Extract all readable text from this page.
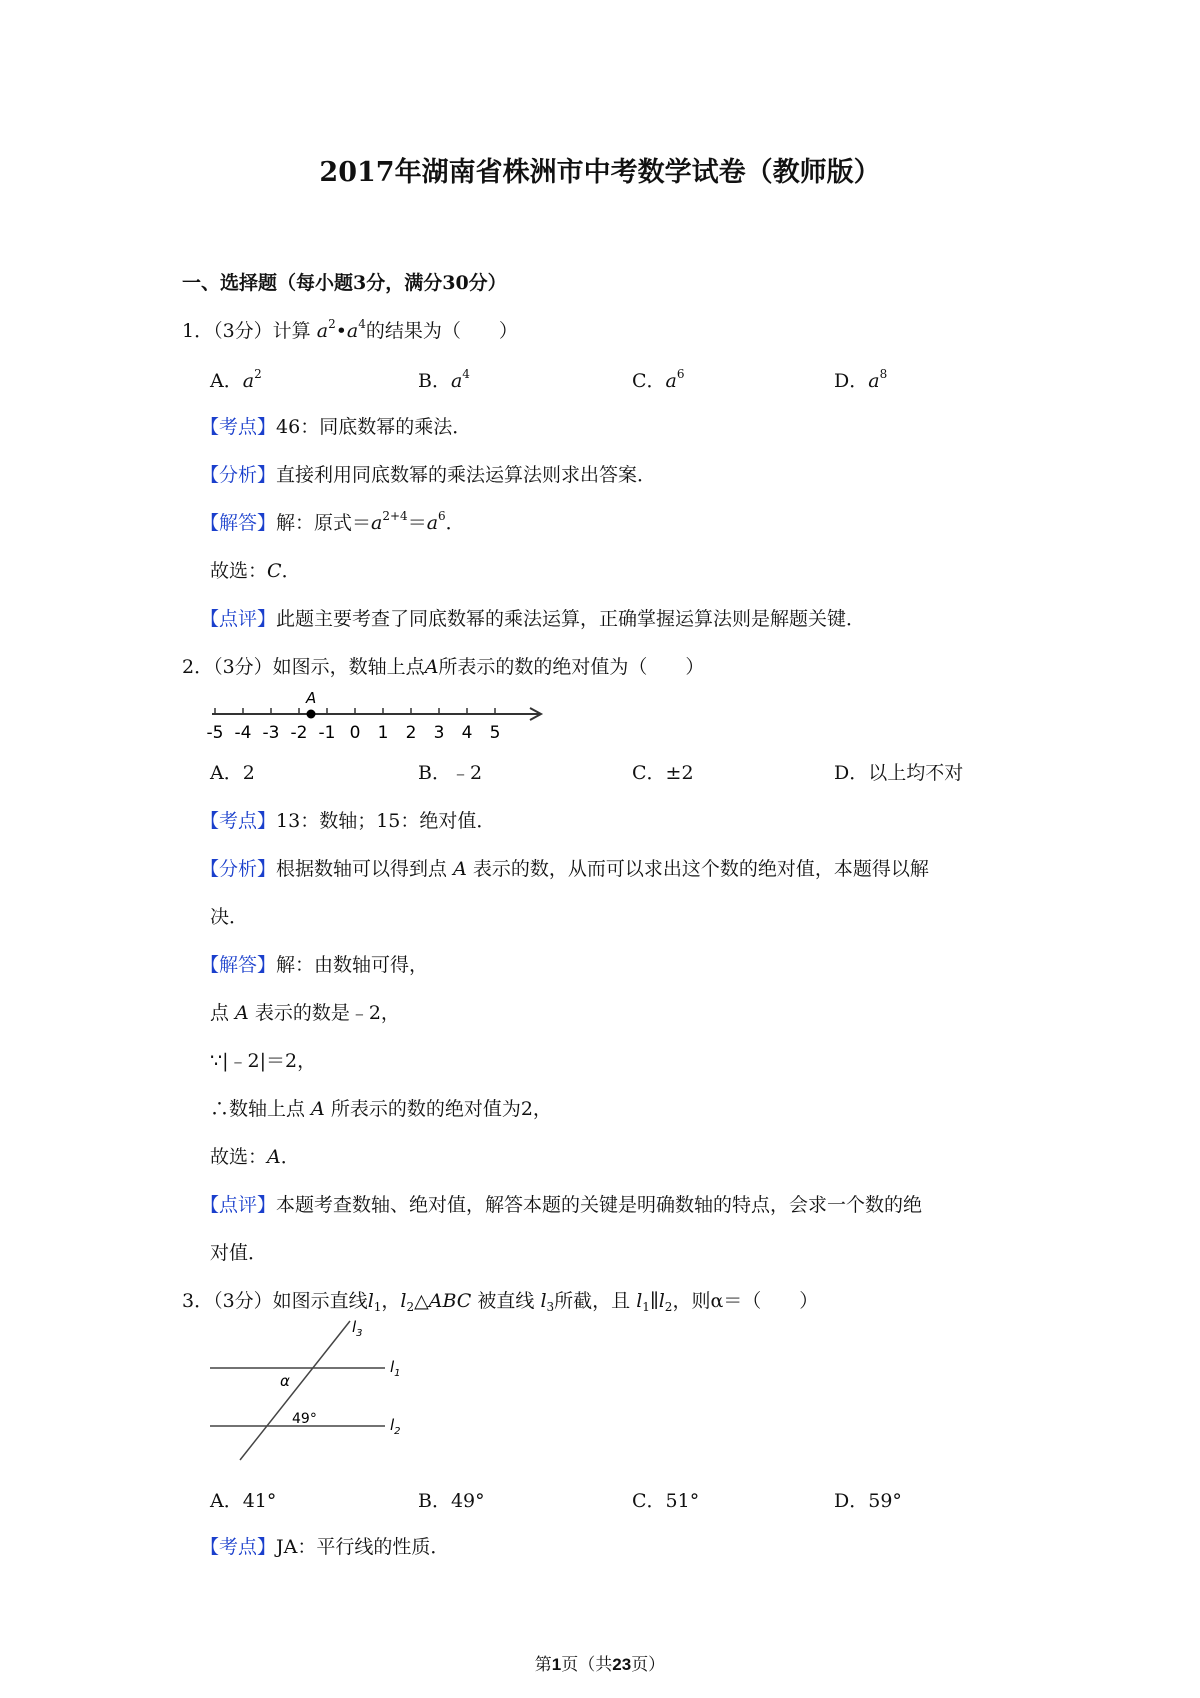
2017年湖南省株洲市中考数学试卷（教师版）
一、选择题（每小题3分，满分30分）
1．（3分）计算 $a^2•a^4$的结果为（　　）
A．$a^2$	B．$a^4$	C．$a^6$	D．$a^8$
【考点】46：同底数幂的乘法．
【分析】直接利用同底数幂的乘法运算法则求出答案．
【解答】解：原式$=a^{2+4}=a^6$．
故选：C．
【点评】此题主要考查了同底数幂的乘法运算，正确掌握运算法则是解题关键．
2．（3分）如图示，数轴上点A所表示的数的绝对值为（　　）
-5 -4 -3 -2 -1 0 1 2 3 4 5
A
A．2	B．﹣2	C．±2	D．以上均不对
【考点】13：数轴；15：绝对值．
【分析】根据数轴可以得到点 A 表示的数，从而可以求出这个数的绝对值，本题得以解
决．
【解答】解：由数轴可得，
点 A 表示的数是﹣2，
∵|﹣2|＝2，
∴数轴上点 A 所表示的数的绝对值为2，
故选：A．
【点评】本题考查数轴、绝对值，解答本题的关键是明确数轴的特点，会求一个数的绝
对值．
3．（3分）如图示直线$l_1$，$l_2\triangle ABC$ 被直线 $l_3$所截，且 $l_1\parallel l_2$，则α＝（　　）
$l_3$
$l_1$
$l_2$
α
49°
A．41°	B．49°	C．51°	D．59°
【考点】JA：平行线的性质．
第1页（共23页）
